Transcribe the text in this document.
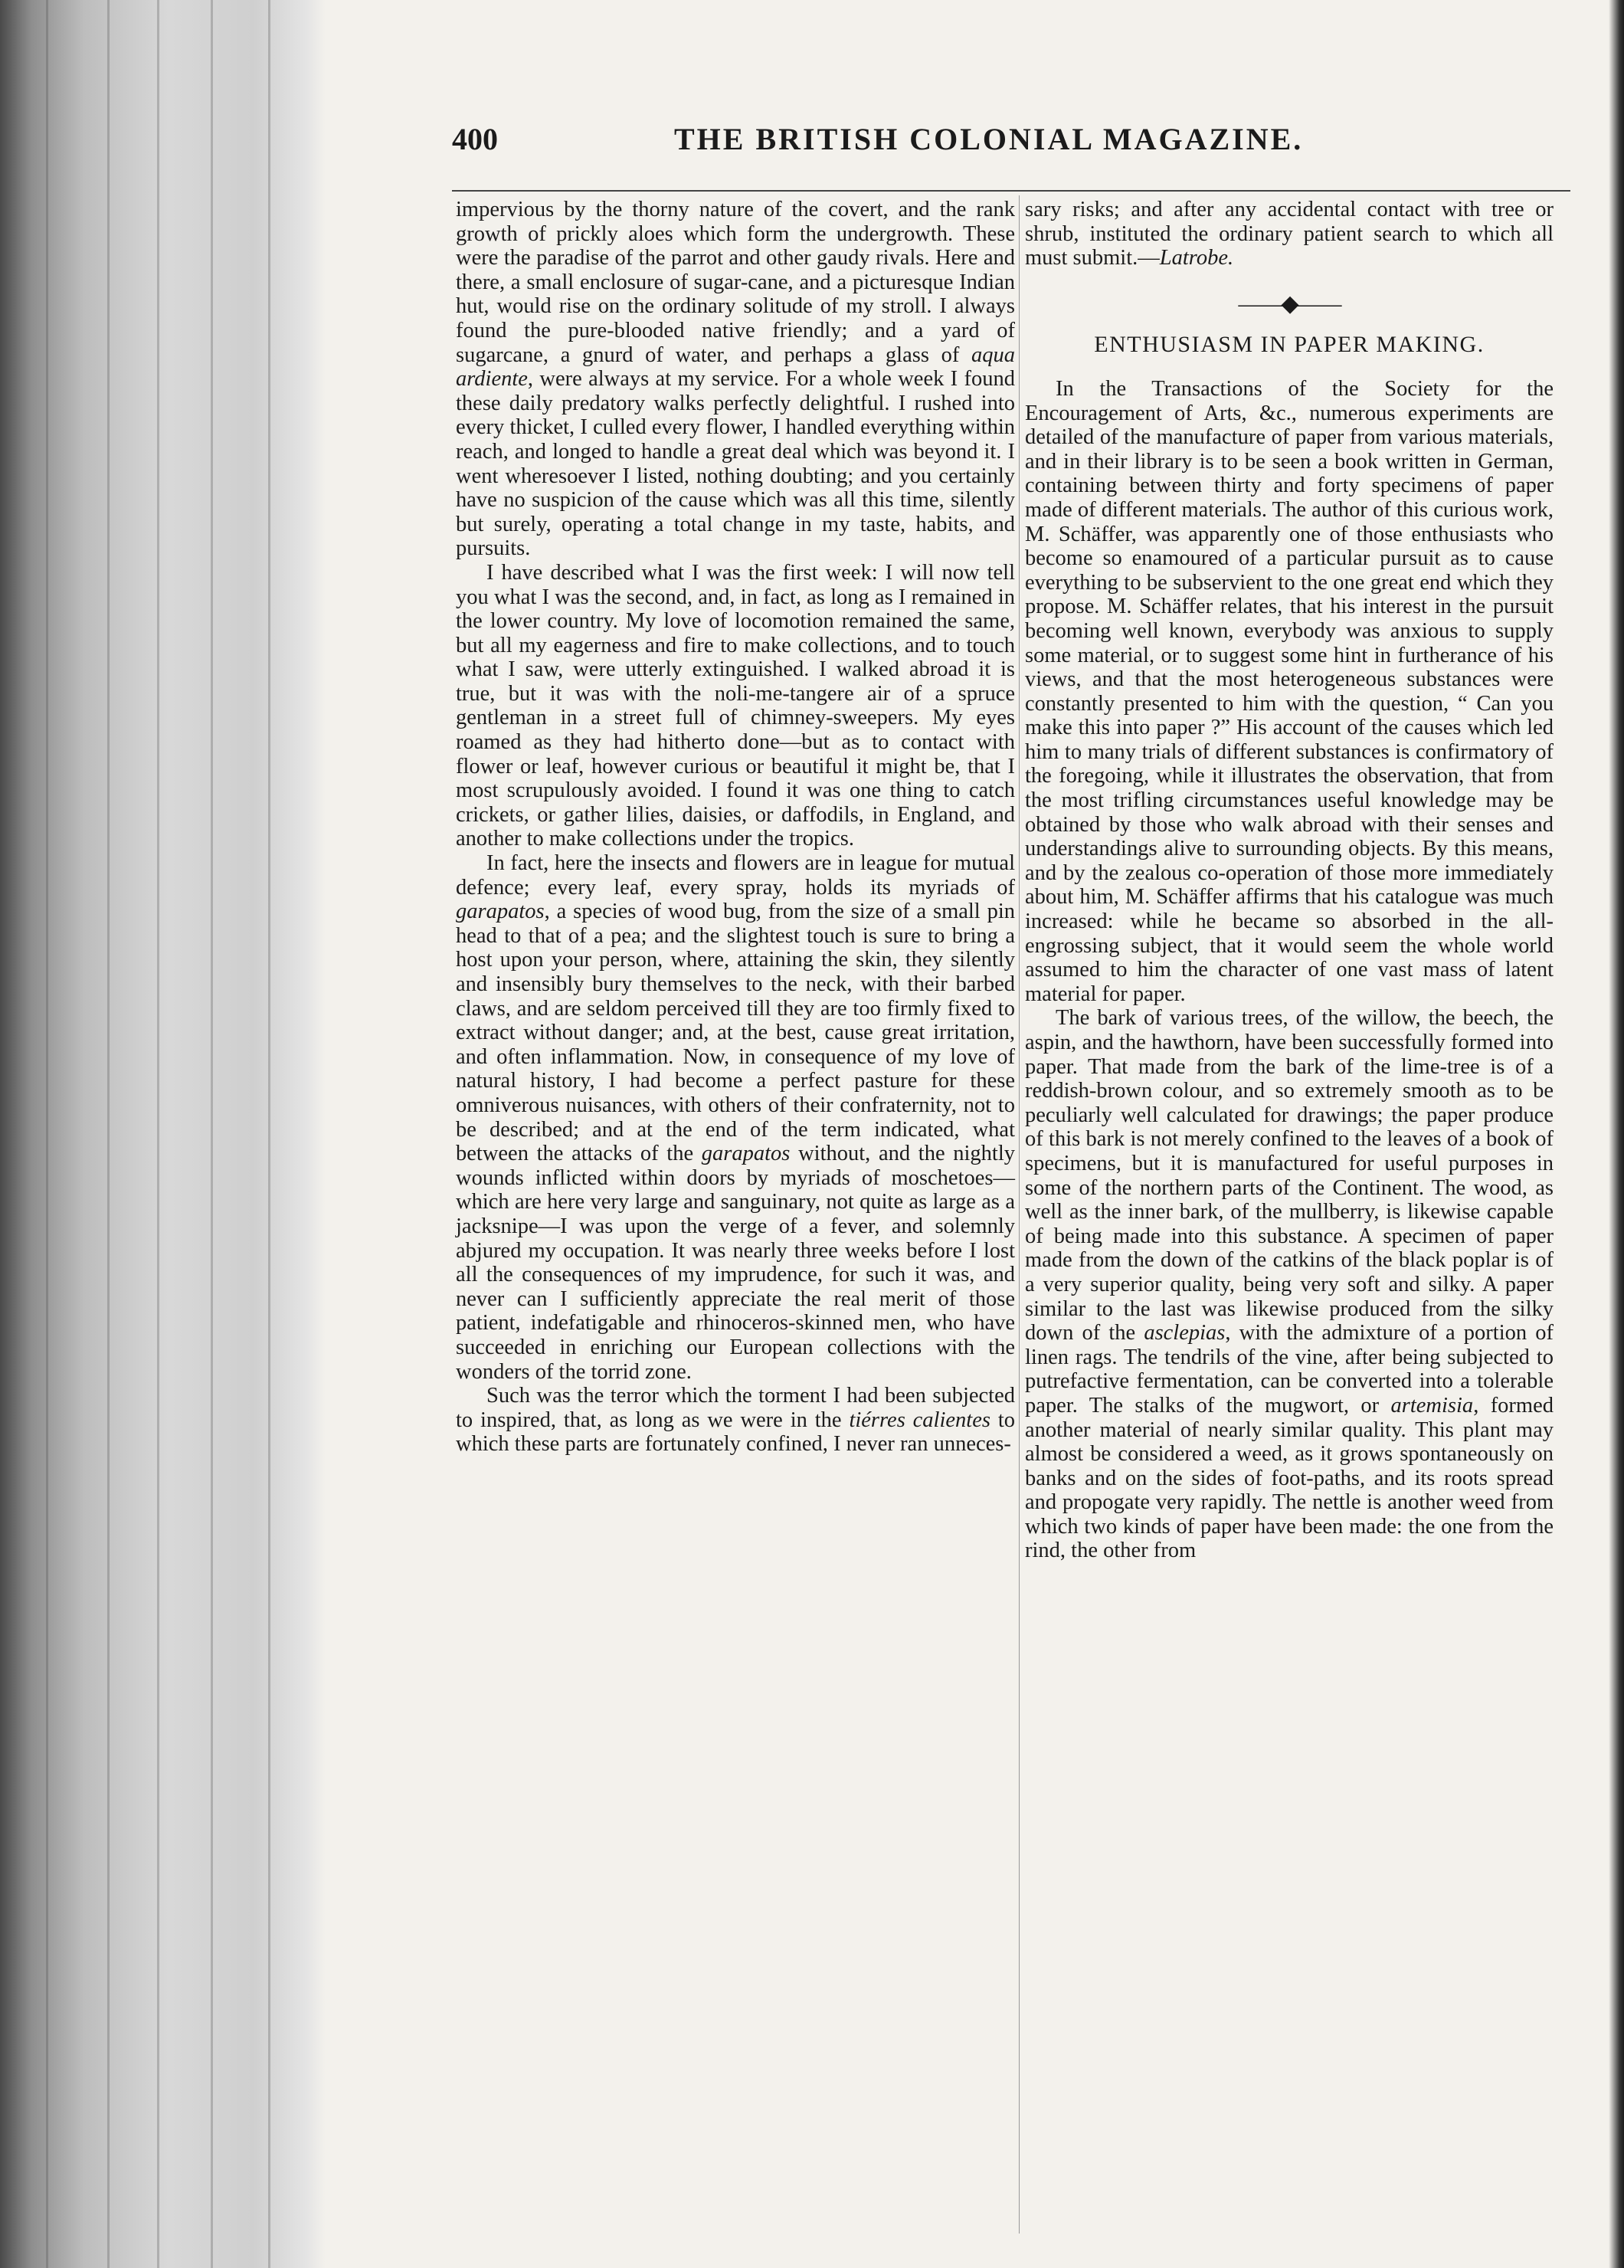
400	THE BRITISH COLONIAL MAGAZINE.

impervious by the thorny nature of the covert, and the rank growth of prickly aloes which form the undergrowth. These were the paradise of the parrot and other gaudy rivals. Here and there, a small enclosure of sugar-cane, and a picturesque Indian hut, would rise on the ordinary solitude of my stroll. I always found the pure-blooded native friendly; and a yard of sugarcane, a gnurd of water, and perhaps a glass of aqua ardiente, were always at my service. For a whole week I found these daily predatory walks perfectly delightful. I rushed into every thicket, I culled every flower, I handled everything within reach, and longed to handle a great deal which was beyond it. I went wheresoever I listed, nothing doubting; and you certainly have no suspicion of the cause which was all this time, silently but surely, operating a total change in my taste, habits, and pursuits.

I have described what I was the first week: I will now tell you what I was the second, and, in fact, as long as I remained in the lower country. My love of locomotion remained the same, but all my eagerness and fire to make collections, and to touch what I saw, were utterly extinguished. I walked abroad it is true, but it was with the noli-me-tangere air of a spruce gentleman in a street full of chimney-sweepers. My eyes roamed as they had hitherto done—but as to contact with flower or leaf, however curious or beautiful it might be, that I most scrupulously avoided. I found it was one thing to catch crickets, or gather lilies, daisies, or daffodils, in England, and another to make collections under the tropics.

In fact, here the insects and flowers are in league for mutual defence; every leaf, every spray, holds its myriads of garapatos, a species of wood bug, from the size of a small pin head to that of a pea; and the slightest touch is sure to bring a host upon your person, where, attaining the skin, they silently and insensibly bury themselves to the neck, with their barbed claws, and are seldom perceived till they are too firmly fixed to extract without danger; and, at the best, cause great irritation, and often inflammation. Now, in consequence of my love of natural history, I had become a perfect pasture for these omniverous nuisances, with others of their confraternity, not to be described; and at the end of the term indicated, what between the attacks of the garapatos without, and the nightly wounds inflicted within doors by myriads of moschetoes—which are here very large and sanguinary, not quite as large as a jacksnipe—I was upon the verge of a fever, and solemnly abjured my occupation. It was nearly three weeks before I lost all the consequences of my imprudence, for such it was, and never can I sufficiently appreciate the real merit of those patient, indefatigable and rhinoceros-skinned men, who have succeeded in enriching our European collections with the wonders of the torrid zone.

Such was the terror which the torment I had been subjected to inspired, that, as long as we were in the tiérres calientes to which these parts are fortunately confined, I never ran unneces-

sary risks; and after any accidental contact with tree or shrub, instituted the ordinary patient search to which all must submit.—Latrobe.

——◆——
ENTHUSIASM IN PAPER MAKING.

In the Transactions of the Society for the Encouragement of Arts, &c., numerous experiments are detailed of the manufacture of paper from various materials, and in their library is to be seen a book written in German, containing between thirty and forty specimens of paper made of different materials. The author of this curious work, M. Schäffer, was apparently one of those enthusiasts who become so enamoured of a particular pursuit as to cause everything to be subservient to the one great end which they propose. M. Schäffer relates, that his interest in the pursuit becoming well known, everybody was anxious to supply some material, or to suggest some hint in furtherance of his views, and that the most heterogeneous substances were constantly presented to him with the question, “ Can you make this into paper ?” His account of the causes which led him to many trials of different substances is confirmatory of the foregoing, while it illustrates the observation, that from the most trifling circumstances useful knowledge may be obtained by those who walk abroad with their senses and understandings alive to surrounding objects. By this means, and by the zealous co-operation of those more immediately about him, M. Schäffer affirms that his catalogue was much increased: while he became so absorbed in the all-engrossing subject, that it would seem the whole world assumed to him the character of one vast mass of latent material for paper.

The bark of various trees, of the willow, the beech, the aspin, and the hawthorn, have been successfully formed into paper. That made from the bark of the lime-tree is of a reddish-brown colour, and so extremely smooth as to be peculiarly well calculated for drawings; the paper produce of this bark is not merely confined to the leaves of a book of specimens, but it is manufactured for useful purposes in some of the northern parts of the Continent. The wood, as well as the inner bark, of the mullberry, is likewise capable of being made into this substance. A specimen of paper made from the down of the catkins of the black poplar is of a very superior quality, being very soft and silky. A paper similar to the last was likewise produced from the silky down of the asclepias, with the admixture of a portion of linen rags. The tendrils of the vine, after being subjected to putrefactive fermentation, can be converted into a tolerable paper. The stalks of the mugwort, or artemisia, formed another material of nearly similar quality. This plant may almost be considered a weed, as it grows spontaneously on banks and on the sides of foot-paths, and its roots spread and propogate very rapidly. The nettle is another weed from which two kinds of paper have been made: the one from the rind, the other from
